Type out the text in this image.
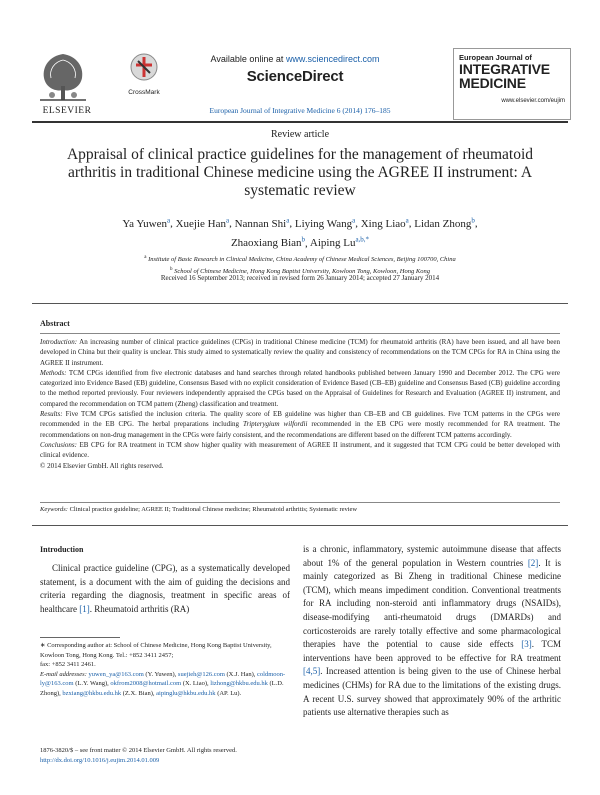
ELSEVIER
CrossMark
Available online at www.sciencedirect.com
ScienceDirect
European Journal of Integrative Medicine 6 (2014) 176–185
European Journal of
INTEGRATIVE
MEDICINE
www.elsevier.com/eujim
Review article
Appraisal of clinical practice guidelines for the management of rheumatoid arthritis in traditional Chinese medicine using the AGREE II instrument: A systematic review
Ya Yuwen$^a$, Xuejie Han$^a$, Nannan Shi$^a$, Liying Wang$^a$, Xing Liao$^a$, Lidan Zhong$^b$,
Zhaoxiang Bian$^b$, Aiping $Lu^{a,b,*}$
$^a$ Institute of Basic Research in Clinical Medicine, China Academy of Chinese Medical Sciences, Beijing 100700, China
$^b$ School of Chinese Medicine, Hong Kong Baptist University, Kowloon Tong, Kowloon, Hong Kong
Received 16 September 2013; received in revised form 26 January 2014; accepted 27 January 2014
Abstract

Introduction: An increasing number of clinical practice guidelines (CPGs) in traditional Chinese medicine (TCM) for rheumatoid arthritis (RA) have been issued, and all have been developed in China but their quality is unclear. This study aimed to systematically review the quality and consistency of recommendations on the TCM CPGs for RA in China using the AGREE II instrument.

Methods: TCM CPGs identified from five electronic databases and hand searches through related handbooks published between January 1990 and December 2012. The CPG were categorized into Evidence Based (EB) guideline, Consensus Based with no explicit consideration of Evidence Based (CB–EB) guideline and Consensus Based (CB) guideline according to the method reported previously. Four reviewers independently appraised the CPGs based on the Appraisal of Guidelines for Research and Evaluation (AGREE II) instrument, and compared the recommendation on TCM pattern (Zheng) classification and treatment.

Results: Five TCM CPGs satisfied the inclusion criteria. The quality score of EB guideline was higher than CB–EB and CB guidelines. Five TCM patterns in the CPGs were recommended in the EB CPG. The herbal preparations including Tripterygium wilfordii recommended in the EB CPG were mostly recommended for RA treatment. The recommendations on non-drug management in the CPGs were fairly consistent, and the recommendations are different based on the different TCM patterns accordingly.

Conclusions: EB CPG for RA treatment in TCM show higher quality with measurement of AGREE II instrument, and it suggested that TCM CPG could be better developed with clinical evidence.

© 2014 Elsevier GmbH. All rights reserved.

Keywords: Clinical practice guideline; AGREE II; Traditional Chinese medicine; Rheumatoid arthritis; Systematic review
Introduction

Clinical practice guideline (CPG), as a systematically developed statement, is a document with the aim of guiding the decisions and criteria regarding the diagnosis, treatment in specific areas of healthcare [1]. Rheumatoid arthritis (RA)

is a chronic, inflammatory, systemic autoimmune disease that affects about 1% of the general population in Western countries [2]. It is mainly categorized as Bi Zheng in traditional Chinese medicine (TCM), which means impediment condition. Conventional treatments for RA including non-steroid anti inflammatory drugs (NSAIDs), disease-modifying anti-rheumatoid drugs (DMARDs) and corticosteroids are rarely totally effective and some pharmacological therapies have the potential to cause side effects [3]. TCM interventions have been approved to be effective for RA treatment [4,5]. Increased attention is being given to the use of Chinese herbal medicines (CHMs) for RA due to the limitations of the existing drugs. A recent U.S. survey showed that approximately 90% of the arthritic patients use alternative therapies such as
∗ Corresponding author at: School of Chinese Medicine, Hong Kong Baptist University, Kowloon Tong, Hong Kong. Tel.: +852 3411 2457;
fax: +852 3411 2461.
E-mail addresses: yuwen_ya@163.com (Y. Yuwen), suejieh@126.com (X.J. Han), coldmoon-ly@163.com (L.Y. Wang), okfrom2008@hotmail.com (X. Liao), lizhong@hkbu.edu.hk (L.D. Zhong), bzxiang@hkbu.edu.hk (Z.X. Bian), aipinglu@hkbu.edu.hk (AP. Lu).
1876-3820/$ – see front matter © 2014 Elsevier GmbH. All rights reserved.
http://dx.doi.org/10.1016/j.eujim.2014.01.009
